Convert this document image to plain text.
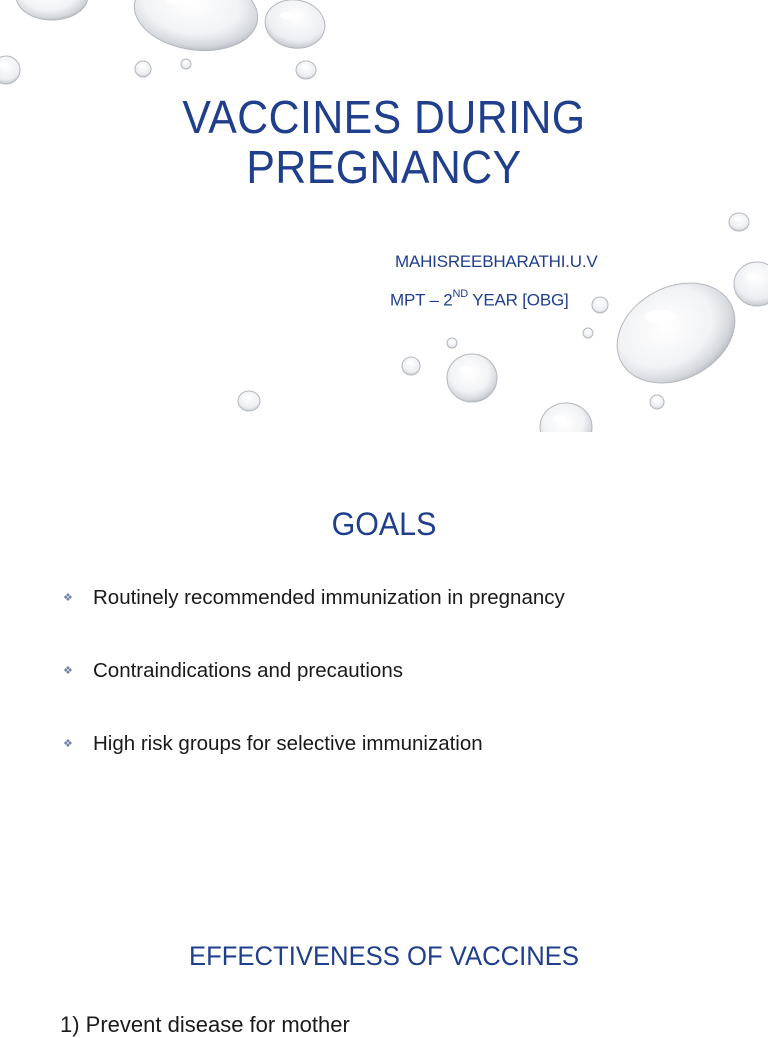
VACCINES DURING
PREGNANCY
MAHISREEBHARATHI.U.V
MPT – 2ND YEAR [OBG]
GOALS
❖ Routinely recommended immunization in pregnancy
❖ Contraindications and precautions
❖ High risk groups for selective immunization
EFFECTIVENESS OF VACCINES
1) Prevent disease for mother
